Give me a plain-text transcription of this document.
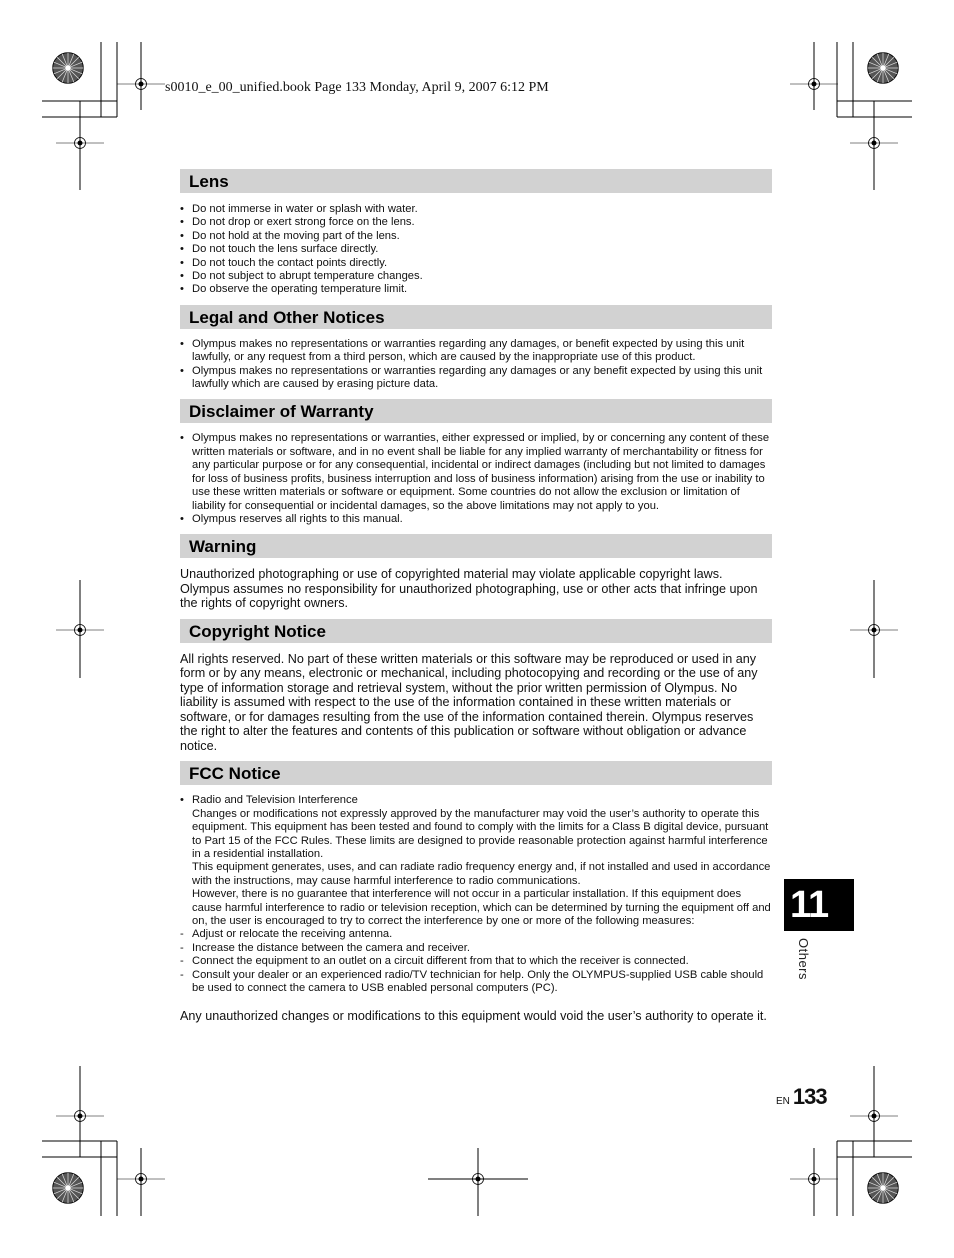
s0010_e_00_unified.book Page 133 Monday, April 9, 2007 6:12 PM
Lens
• Do not immerse in water or splash with water.
• Do not drop or exert strong force on the lens.
• Do not hold at the moving part of the lens.
• Do not touch the lens surface directly.
• Do not touch the contact points directly.
• Do not subject to abrupt temperature changes.
• Do observe the operating temperature limit.
Legal and Other Notices
• Olympus makes no representations or warranties regarding any damages, or benefit expected by using this unit lawfully, or any request from a third person, which are caused by the inappropriate use of this product.
• Olympus makes no representations or warranties regarding any damages or any benefit expected by using this unit lawfully which are caused by erasing picture data.
Disclaimer of Warranty
• Olympus makes no representations or warranties, either expressed or implied, by or concerning any content of these written materials or software, and in no event shall be liable for any implied warranty of merchantability or fitness for any particular purpose or for any consequential, incidental or indirect damages (including but not limited to damages for loss of business profits, business interruption and loss of business information) arising from the use or inability to use these written materials or software or equipment. Some countries do not allow the exclusion or limitation of liability for consequential or incidental damages, so the above limitations may not apply to you.
• Olympus reserves all rights to this manual.
Warning

Unauthorized photographing or use of copyrighted material may violate applicable copyright laws. Olympus assumes no responsibility for unauthorized photographing, use or other acts that infringe upon the rights of copyright owners.

Copyright Notice

All rights reserved. No part of these written materials or this software may be reproduced or used in any form or by any means, electronic or mechanical, including photocopying and recording or the use of any type of information storage and retrieval system, without the prior written permission of Olympus. No liability is assumed with respect to the use of the information contained in these written materials or software, or for damages resulting from the use of the information contained therein. Olympus reserves the right to alter the features and contents of this publication or software without obligation or advance notice.

FCC Notice
• Radio and Television Interference
Changes or modifications not expressly approved by the manufacturer may void the user’s authority to operate this equipment. This equipment has been tested and found to comply with the limits for a Class B digital device, pursuant to Part 15 of the FCC Rules. These limits are designed to provide reasonable protection against harmful interference in a residential installation.
This equipment generates, uses, and can radiate radio frequency energy and, if not installed and used in accordance with the instructions, may cause harmful interference to radio communications.
However, there is no guarantee that interference will not occur in a particular installation. If this equipment does cause harmful interference to radio or television reception, which can be determined by turning the equipment off and on, the user is encouraged to try to correct the interference by one or more of the following measures:
- Adjust or relocate the receiving antenna.
- Increase the distance between the camera and receiver.
- Connect the equipment to an outlet on a circuit different from that to which the receiver is connected.
- Consult your dealer or an experienced radio/TV technician for help. Only the OLYMPUS-supplied USB cable should be used to connect the camera to USB enabled personal computers (PC).

Any unauthorized changes or modifications to this equipment would void the user’s authority to operate it.

11
Others
EN 133
